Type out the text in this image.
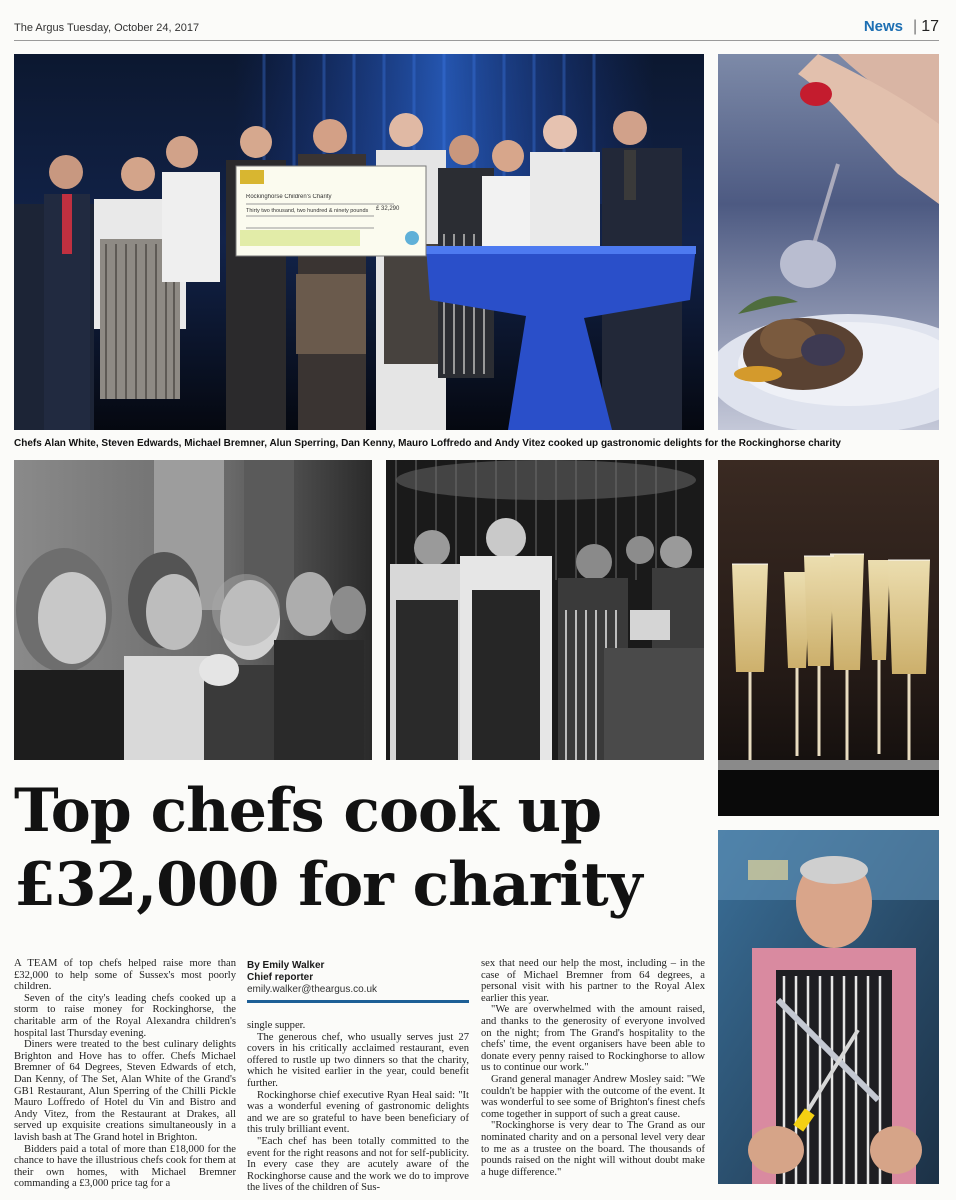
The Argus Tuesday, October 24, 2017	News
|	17
Rockinghorse Children's Charity
Thirty two thousand, two hundred & ninety pounds	£ 32,290
Chefs Alan White, Steven Edwards, Michael Bremner, Alun Sperring, Dan Kenny, Mauro Loffredo and Andy Vitez cooked up gastronomic delights for the Rockinghorse charity
Top chefs cook up
£32,000 for charity

A TEAM of top chefs helped raise more than £32,000 to help some of Sussex's most poorly children.

Seven of the city's leading chefs cooked up a storm to raise money for Rockinghorse, the charitable arm of the Royal Alexandra children's hospital last Thursday evening.

Diners were treated to the best culinary delights Brighton and Hove has to offer. Chefs Michael Bremner of 64 Degrees, Steven Edwards of etch, Dan Kenny, of The Set, Alan White of the Grand's GB1 Restaurant, Alun Sperring of the Chilli Pickle Mauro Loffredo of Hotel du Vin and Bistro and Andy Vitez, from the Restaurant at Drakes, all served up exquisite creations simultaneously in a lavish bash at The Grand hotel in Brighton.

Bidders paid a total of more than £18,000 for the chance to have the illustrious chefs cook for them at their own homes, with Michael Bremner commanding a £3,000 price tag for a

By Emily Walker
Chief reporter
emily.walker@theargus.co.uk

single supper.

The generous chef, who usually serves just 27 covers in his critically acclaimed restaurant, even offered to rustle up two dinners so that the charity, which he visited earlier in the year, could benefit further.

Rockinghorse chief executive Ryan Heal said: "It was a wonderful evening of gastronomic delights and we are so grateful to have been beneficiary of this truly brilliant event.

"Each chef has been totally committed to the event for the right reasons and not for self-publicity. In every case they are acutely aware of the Rockinghorse cause and the work we do to improve the lives of the children of Sus-

sex that need our help the most, including – in the case of Michael Bremner from 64 degrees, a personal visit with his partner to the Royal Alex earlier this year.

"We are overwhelmed with the amount raised, and thanks to the generosity of everyone involved on the night; from The Grand's hospitality to the chefs' time, the event organisers have been able to donate every penny raised to Rockinghorse to allow us to continue our work."

Grand general manager Andrew Mosley said: "We couldn't be happier with the outcome of the event. It was wonderful to see some of Brighton's finest chefs come together in support of such a great cause.

"Rockinghorse is very dear to The Grand as our nominated charity and on a personal level very dear to me as a trustee on the board. The thousands of pounds raised on the night will without doubt make a huge difference."
